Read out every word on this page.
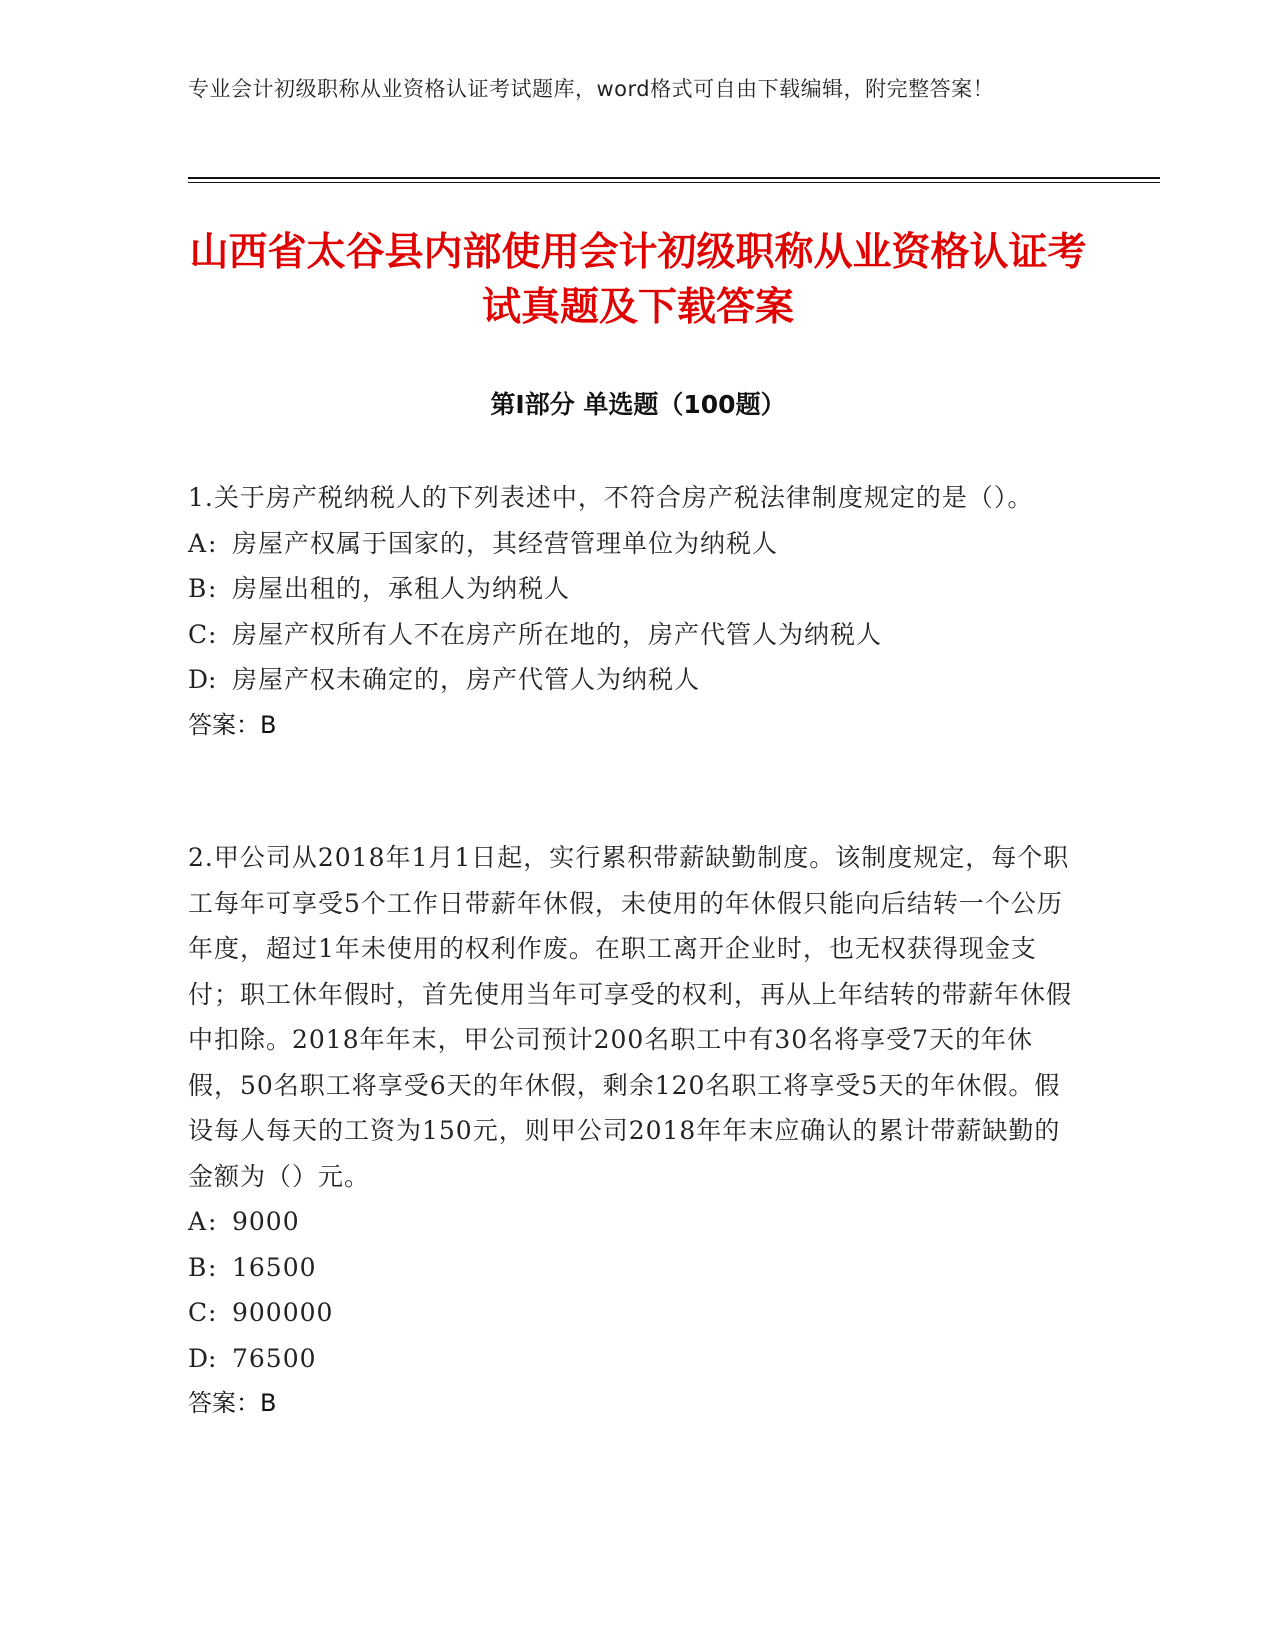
专业会计初级职称从业资格认证考试题库，word格式可自由下载编辑，附完整答案！
山西省太谷县内部使用会计初级职称从业资格认证考试真题及下载答案
第Ⅰ部分 单选题（100题）

1.关于房产税纳税人的下列表述中，不符合房产税法律制度规定的是（）。

A: 房屋产权属于国家的，其经营管理单位为纳税人

B: 房屋出租的，承租人为纳税人

C: 房屋产权所有人不在房产所在地的，房产代管人为纳税人

D: 房屋产权未确定的，房产代管人为纳税人

答案：B

2.甲公司从2018年1月1日起，实行累积带薪缺勤制度。该制度规定，每个职工每年可享受5个工作日带薪年休假，未使用的年休假只能向后结转一个公历年度，超过1年未使用的权利作废。在职工离开企业时，也无权获得现金支付；职工休年假时，首先使用当年可享受的权利，再从上年结转的带薪年休假中扣除。2018年年末，甲公司预计200名职工中有30名将享受7天的年休假，50名职工将享受6天的年休假，剩余120名职工将享受5天的年休假。假设每人每天的工资为150元，则甲公司2018年年末应确认的累计带薪缺勤的金额为（）元。

A: 9000

B: 16500

C: 900000

D: 76500

答案：B
